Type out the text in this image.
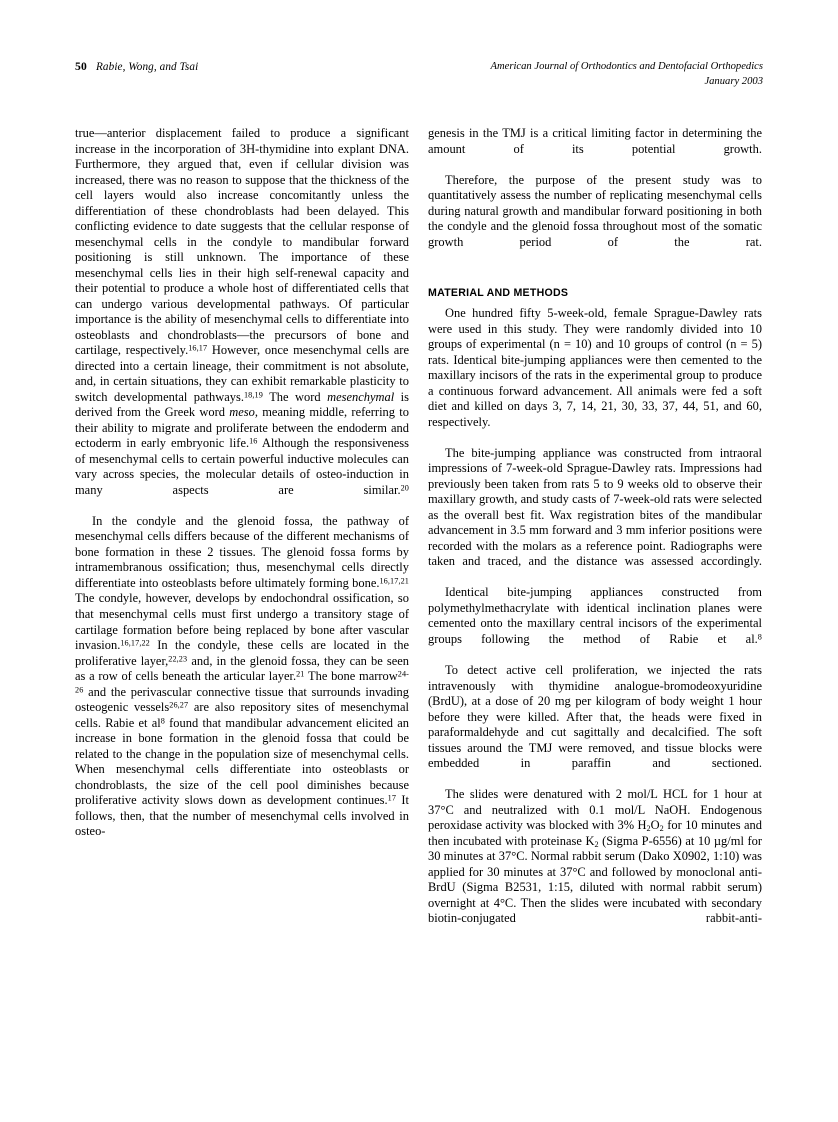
50 Rabie, Wong, and Tsai	American Journal of Orthodontics and Dentofacial Orthopedics
January 2003

true—anterior displacement failed to produce a significant increase in the incorporation of 3H-thymidine into explant DNA. Furthermore, they argued that, even if cellular division was increased, there was no reason to suppose that the thickness of the cell layers would also increase concomitantly unless the differentiation of these chondroblasts had been delayed. This conflicting evidence to date suggests that the cellular response of mesenchymal cells in the condyle to mandibular forward positioning is still unknown. The importance of these mesenchymal cells lies in their high self-renewal capacity and their potential to produce a whole host of differentiated cells that can undergo various developmental pathways. Of particular importance is the ability of mesenchymal cells to differentiate into osteoblasts and chondroblasts—the precursors of bone and cartilage, respectively.$^{16,17}$ However, once mesenchymal cells are directed into a certain lineage, their commitment is not absolute, and, in certain situations, they can exhibit remarkable plasticity to switch developmental pathways.$^{18,19}$ The word mesenchymal is derived from the Greek word meso, meaning middle, referring to their ability to migrate and proliferate between the endoderm and ectoderm in early embryonic life.$^{16}$ Although the responsiveness of mesenchymal cells to certain powerful inductive molecules can vary across species, the molecular details of osteo-induction in many aspects are similar.$^{20}$

In the condyle and the glenoid fossa, the pathway of mesenchymal cells differs because of the different mechanisms of bone formation in these 2 tissues. The glenoid fossa forms by intramembranous ossification; thus, mesenchymal cells directly differentiate into osteoblasts before ultimately forming bone.$^{16,17,21}$ The condyle, however, develops by endochondral ossification, so that mesenchymal cells must first undergo a transitory stage of cartilage formation before being replaced by bone after vascular invasion.$^{16,17,22}$ In the condyle, these cells are located in the proliferative layer,$^{22,23}$ and, in the glenoid fossa, they can be seen as a row of cells beneath the articular layer.$^{21}$ The bone marrow$^{24-26}$ and the perivascular connective tissue that surrounds invading osteogenic vessels$^{26,27}$ are also repository sites of mesenchymal cells. Rabie et al$^8$ found that mandibular advancement elicited an increase in bone formation in the glenoid fossa that could be related to the change in the population size of mesenchymal cells. When mesenchymal cells differentiate into osteoblasts or chondroblasts, the size of the cell pool diminishes because proliferative activity slows down as development continues.$^{17}$ It follows, then, that the number of mesenchymal cells involved in osteo-

genesis in the TMJ is a critical limiting factor in determining the amount of its potential growth.

Therefore, the purpose of the present study was to quantitatively assess the number of replicating mesenchymal cells during natural growth and mandibular forward positioning in both the condyle and the glenoid fossa throughout most of the somatic growth period of the rat.

MATERIAL AND METHODS

One hundred fifty 5-week-old, female Sprague-Dawley rats were used in this study. They were randomly divided into 10 groups of experimental (n = 10) and 10 groups of control (n = 5) rats. Identical bite-jumping appliances were then cemented to the maxillary incisors of the rats in the experimental group to produce a continuous forward advancement. All animals were fed a soft diet and killed on days 3, 7, 14, 21, 30, 33, 37, 44, 51, and 60, respectively.

The bite-jumping appliance was constructed from intraoral impressions of 7-week-old Sprague-Dawley rats. Impressions had previously been taken from rats 5 to 9 weeks old to observe their maxillary growth, and study casts of 7-week-old rats were selected as the overall best fit. Wax registration bites of the mandibular advancement in 3.5 mm forward and 3 mm inferior positions were recorded with the molars as a reference point. Radiographs were taken and traced, and the distance was assessed accordingly.

Identical bite-jumping appliances constructed from polymethylmethacrylate with identical inclination planes were cemented onto the maxillary central incisors of the experimental groups following the method of Rabie et al.$^8$

To detect active cell proliferation, we injected the rats intravenously with thymidine analogue-bromodeoxyuridine (BrdU), at a dose of 20 mg per kilogram of body weight 1 hour before they were killed. After that, the heads were fixed in paraformaldehyde and cut sagittally and decalcified. The soft tissues around the TMJ were removed, and tissue blocks were embedded in paraffin and sectioned.

The slides were denatured with 2 mol/L HCL for 1 hour at 37°C and neutralized with 0.1 mol/L NaOH. Endogenous peroxidase activity was blocked with 3% $H_2O_2$ for 10 minutes and then incubated with proteinase $K_2$ (Sigma P-6556) at 10 µg/ml for 30 minutes at 37°C. Normal rabbit serum (Dako X0902, 1:10) was applied for 30 minutes at 37°C and followed by monoclonal anti-BrdU (Sigma B2531, 1:15, diluted with normal rabbit serum) overnight at 4°C. Then the slides were incubated with secondary biotin-conjugated rabbit-anti-
